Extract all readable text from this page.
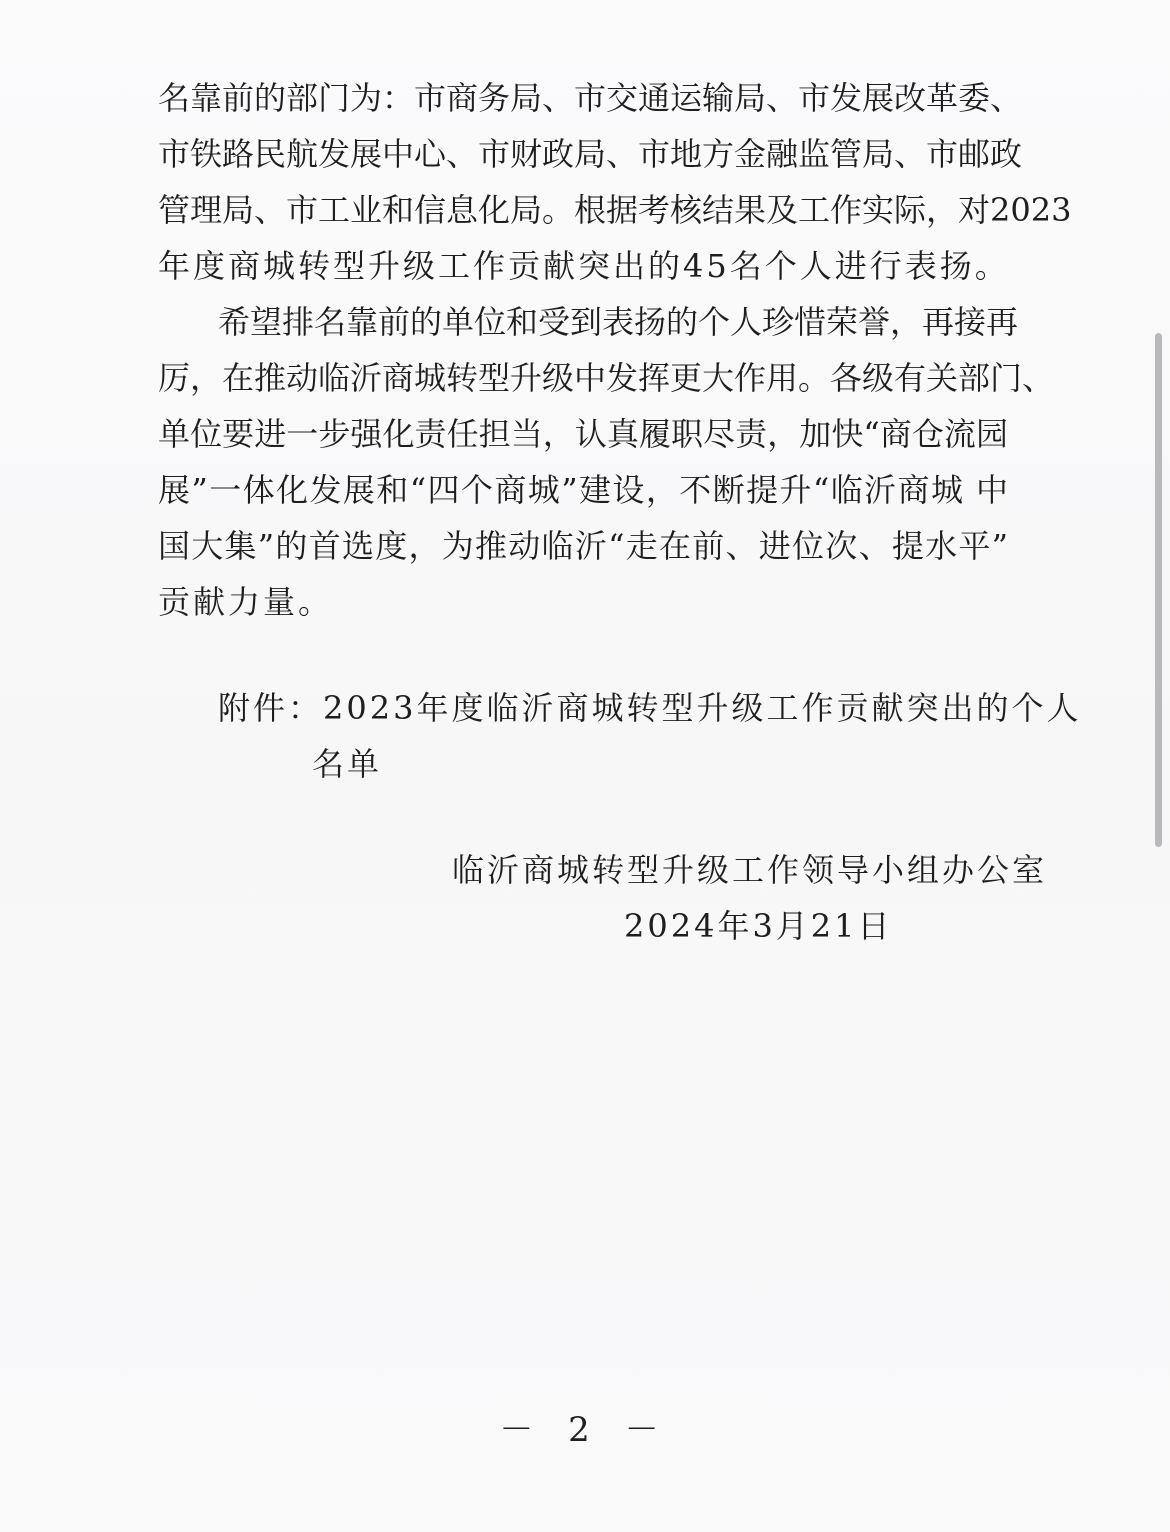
名靠前的部门为：市商务局、市交通运输局、市发展改革委、
市铁路民航发展中心、市财政局、市地方金融监管局、市邮政
管理局、市工业和信息化局。根据考核结果及工作实际，对2023
年度商城转型升级工作贡献突出的45名个人进行表扬。
希望排名靠前的单位和受到表扬的个人珍惜荣誉，再接再
厉，在推动临沂商城转型升级中发挥更大作用。各级有关部门、
单位要进一步强化责任担当，认真履职尽责，加快“商仓流园
展”一体化发展和“四个商城”建设，不断提升“临沂商城 中
国大集”的首选度，为推动临沂“走在前、进位次、提水平”
贡献力量。
附件：2023年度临沂商城转型升级工作贡献突出的个人
名单
临沂商城转型升级工作领导小组办公室
2024年3月21日
－ 2 －
